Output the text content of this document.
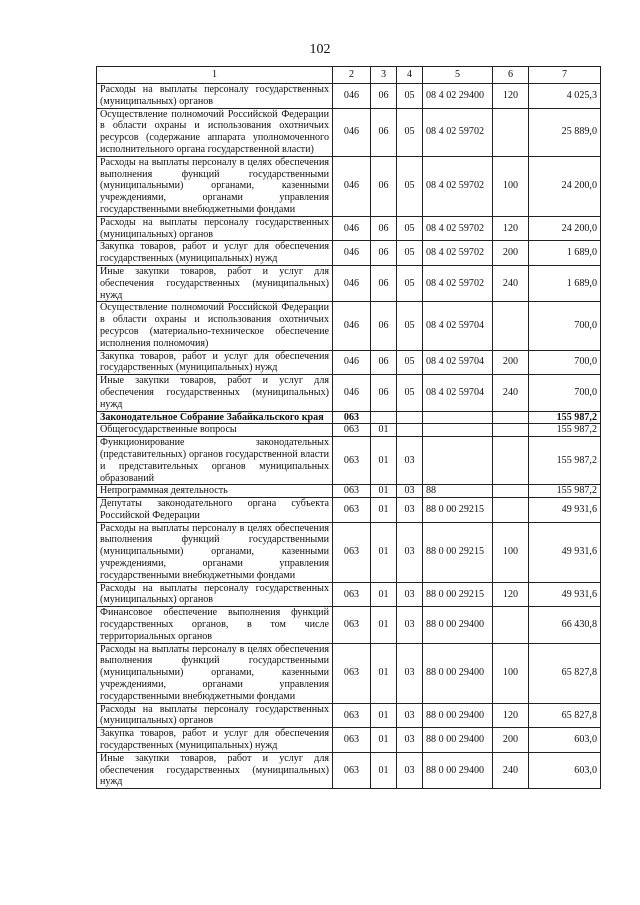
102
1	2	3	4	5	6	7
Расходы на выплаты персоналу государственных (муниципальных) органов	046	06	05	08 4 02 29400	120	4 025,3
Осуществление полномочий Российской Федерации в области охраны и использования охотничьих ресурсов (содержание аппарата уполномоченного исполнительного органа государственной власти)	046	06	05	08 4 02 59702		25 889,0
Расходы на выплаты персоналу в целях обеспечения выполнения функций государственными (муниципальными) органами, казенными учреждениями, органами управления государственными внебюджетными фондами	046	06	05	08 4 02 59702	100	24 200,0
Расходы на выплаты персоналу государственных (муниципальных) органов	046	06	05	08 4 02 59702	120	24 200,0
Закупка товаров, работ и услуг для обеспечения государственных (муниципальных) нужд	046	06	05	08 4 02 59702	200	1 689,0
Иные закупки товаров, работ и услуг для обеспечения государственных (муниципальных) нужд	046	06	05	08 4 02 59702	240	1 689,0
Осуществление полномочий Российской Федерации в области охраны и использования охотничьих ресурсов (материально-техническое обеспечение исполнения полномочия)	046	06	05	08 4 02 59704		700,0
Закупка товаров, работ и услуг для обеспечения государственных (муниципальных) нужд	046	06	05	08 4 02 59704	200	700,0
Иные закупки товаров, работ и услуг для обеспечения государственных (муниципальных) нужд	046	06	05	08 4 02 59704	240	700,0
Законодательное Собрание Забайкальского края	063					155 987,2
Общегосударственные вопросы	063	01				155 987,2
Функционирование законодательных (представительных) органов государственной власти и представительных органов муниципальных образований	063	01	03			155 987,2
Непрограммная деятельность	063	01	03	88		155 987,2
Депутаты законодательного органа субъекта Российской Федерации	063	01	03	88 0 00 29215		49 931,6
Расходы на выплаты персоналу в целях обеспечения выполнения функций государственными (муниципальными) органами, казенными учреждениями, органами управления государственными внебюджетными фондами	063	01	03	88 0 00 29215	100	49 931,6
Расходы на выплаты персоналу государственных (муниципальных) органов	063	01	03	88 0 00 29215	120	49 931,6
Финансовое обеспечение выполнения функций государственных органов, в том числе территориальных органов	063	01	03	88 0 00 29400		66 430,8
Расходы на выплаты персоналу в целях обеспечения выполнения функций государственными (муниципальными) органами, казенными учреждениями, органами управления государственными внебюджетными фондами	063	01	03	88 0 00 29400	100	65 827,8
Расходы на выплаты персоналу государственных (муниципальных) органов	063	01	03	88 0 00 29400	120	65 827,8
Закупка товаров, работ и услуг для обеспечения государственных (муниципальных) нужд	063	01	03	88 0 00 29400	200	603,0
Иные закупки товаров, работ и услуг для обеспечения государственных (муниципальных) нужд	063	01	03	88 0 00 29400	240	603,0
